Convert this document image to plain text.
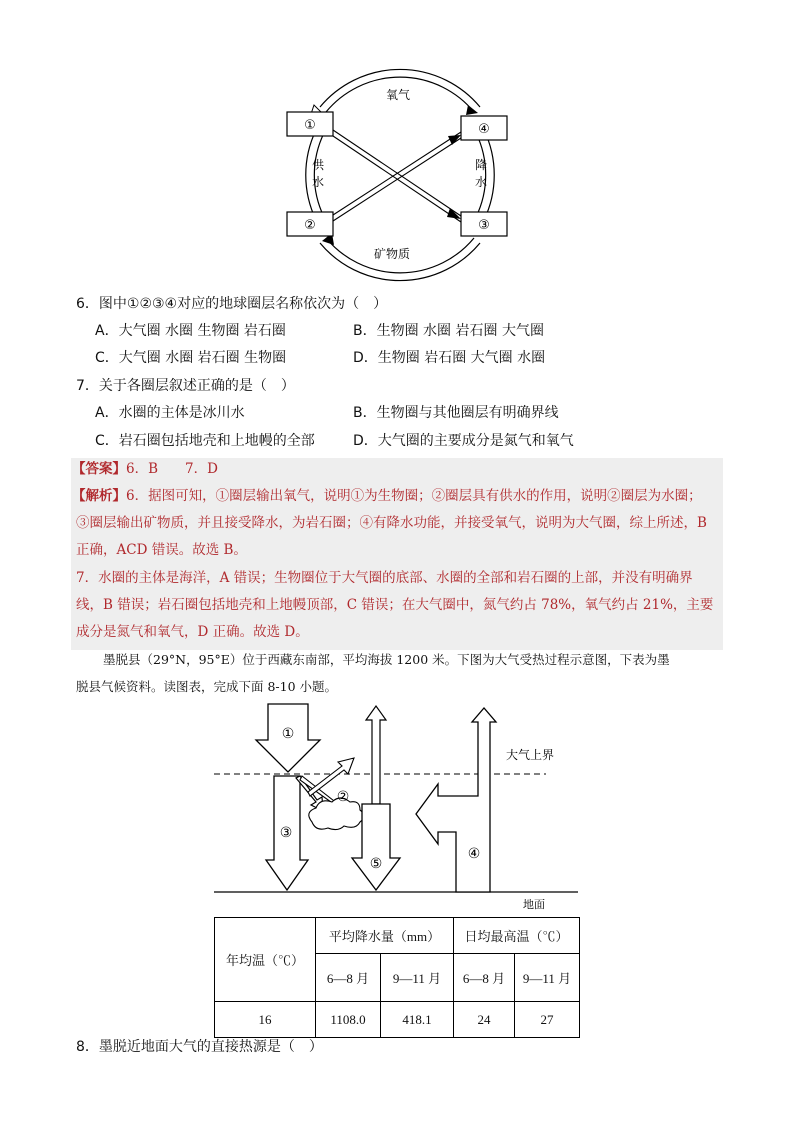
①
②
④
③
氧气
矿物质
供
水
降
水
6．图中①②③④对应的地球圈层名称依次为（　）
A．大气圈 水圈 生物圈 岩石圈	B．生物圈 水圈 岩石圈 大气圈
C．大气圈 水圈 岩石圈 生物圈	D．生物圈 岩石圈 大气圈 水圈
7．关于各圈层叙述正确的是（　）
A．水圈的主体是冰川水	B．生物圈与其他圈层有明确界线
C．岩石圈包括地壳和上地幔的全部	D．大气圈的主要成分是氮气和氧气
【答案】6．B　　7．D
【解析】6．据图可知，①圈层输出氧气，说明①为生物圈；②圈层具有供水的作用，说明②圈层为水圈；
③圈层输出矿物质，并且接受降水，为岩石圈；④有降水功能，并接受氧气，说明为大气圈，综上所述，B
正确，ACD 错误。故选 B。
7．水圈的主体是海洋，A 错误；生物圈位于大气圈的底部、水圈的全部和岩石圈的上部，并没有明确界
线，B 错误；岩石圈包括地壳和上地幔顶部，C 错误；在大气圈中，氮气约占 78%，氧气约占 21%，主要
成分是氮气和氧气，D 正确。故选 D。
墨脱县（29°N，95°E）位于西藏东南部，平均海拔 1200 米。下图为大气受热过程示意图，下表为墨
脱县气候资料。读图表，完成下面 8-10 小题。
①
②
③
⑤
④
大气上界
地面
年均温（℃）	平均降水量（mm）		日均最高温（℃）	
	6—8 月	9—11 月	6—8 月	9—11 月
16	1108.0	418.1	24	27
8．墨脱近地面大气的直接热源是（　）
